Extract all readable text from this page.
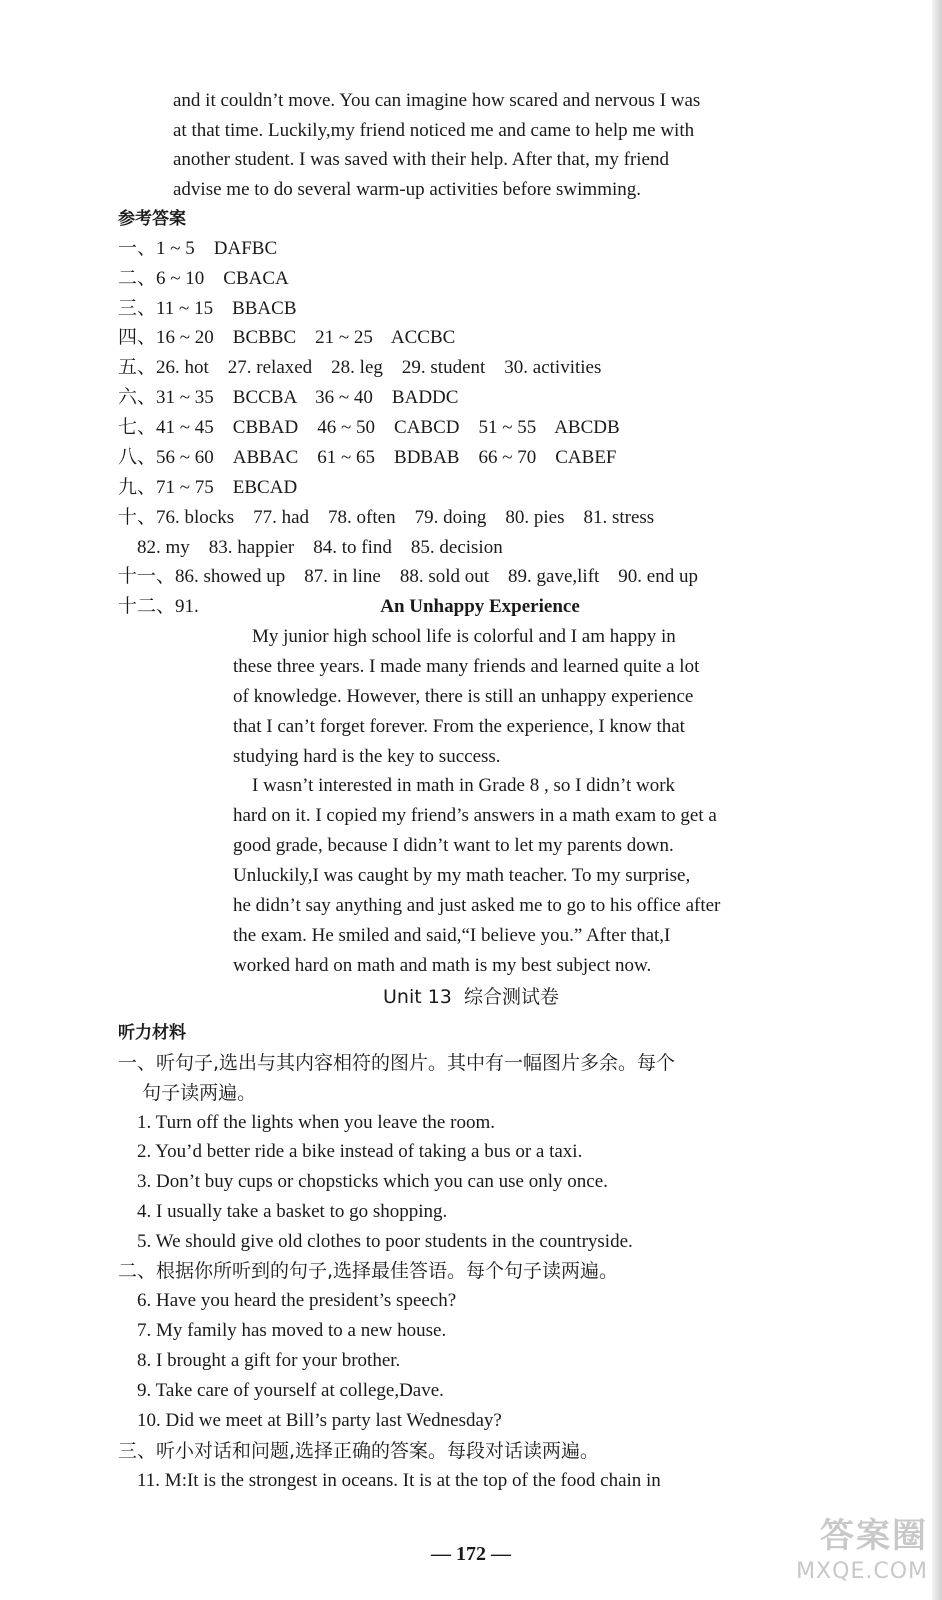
and it couldn’t move. You can imagine how scared and nervous I was
at that time. Luckily,my friend noticed me and came to help me with
another student. I was saved with their help. After that, my friend
advise me to do several warm-up activities before swimming.
参考答案
一、1 ~ 5    DAFBC
二、6 ~ 10    CBACA
三、11 ~ 15    BBACB
四、16 ~ 20    BCBBC    21 ~ 25    ACCBC
五、26. hot    27. relaxed    28. leg    29. student    30. activities
六、31 ~ 35    BCCBA    36 ~ 40    BADDC
七、41 ~ 45    CBBAD    46 ~ 50    CABCD    51 ~ 55    ABCDB
八、56 ~ 60    ABBAC    61 ~ 65    BDBAB    66 ~ 70    CABEF
九、71 ~ 75    EBCAD
十、76. blocks    77. had    78. often    79. doing    80. pies    81. stress
82. my    83. happier    84. to find    85. decision
十一、86. showed up    87. in line    88. sold out    89. gave,lift    90. end up
十二、91.	An Unhappy Experience
My junior high school life is colorful and I am happy in
these three years. I made many friends and learned quite a lot
of knowledge. However, there is still an unhappy experience
that I can’t forget forever. From the experience, I know that
studying hard is the key to success.
I wasn’t interested in math in Grade 8 , so I didn’t work
hard on it. I copied my friend’s answers in a math exam to get a
good grade, because I didn’t want to let my parents down.
Unluckily,I was caught by my math teacher. To my surprise,
he didn’t say anything and just asked me to go to his office after
the exam. He smiled and said,“I believe you.” After that,I
worked hard on math and math is my best subject now.
Unit 13  综合测试卷
听力材料
一、听句子,选出与其内容相符的图片。其中有一幅图片多余。每个
句子读两遍。
1. Turn off the lights when you leave the room.
2. You’d better ride a bike instead of taking a bus or a taxi.
3. Don’t buy cups or chopsticks which you can use only once.
4. I usually take a basket to go shopping.
5. We should give old clothes to poor students in the countryside.
二、根据你所听到的句子,选择最佳答语。每个句子读两遍。
6. Have you heard the president’s speech?
7. My family has moved to a new house.
8. I brought a gift for your brother.
9. Take care of yourself at college,Dave.
10. Did we meet at Bill’s party last Wednesday?
三、听小对话和问题,选择正确的答案。每段对话读两遍。
11. M:It is the strongest in oceans. It is at the top of the food chain in
— 172 —	答案圈
MXQE.COM
